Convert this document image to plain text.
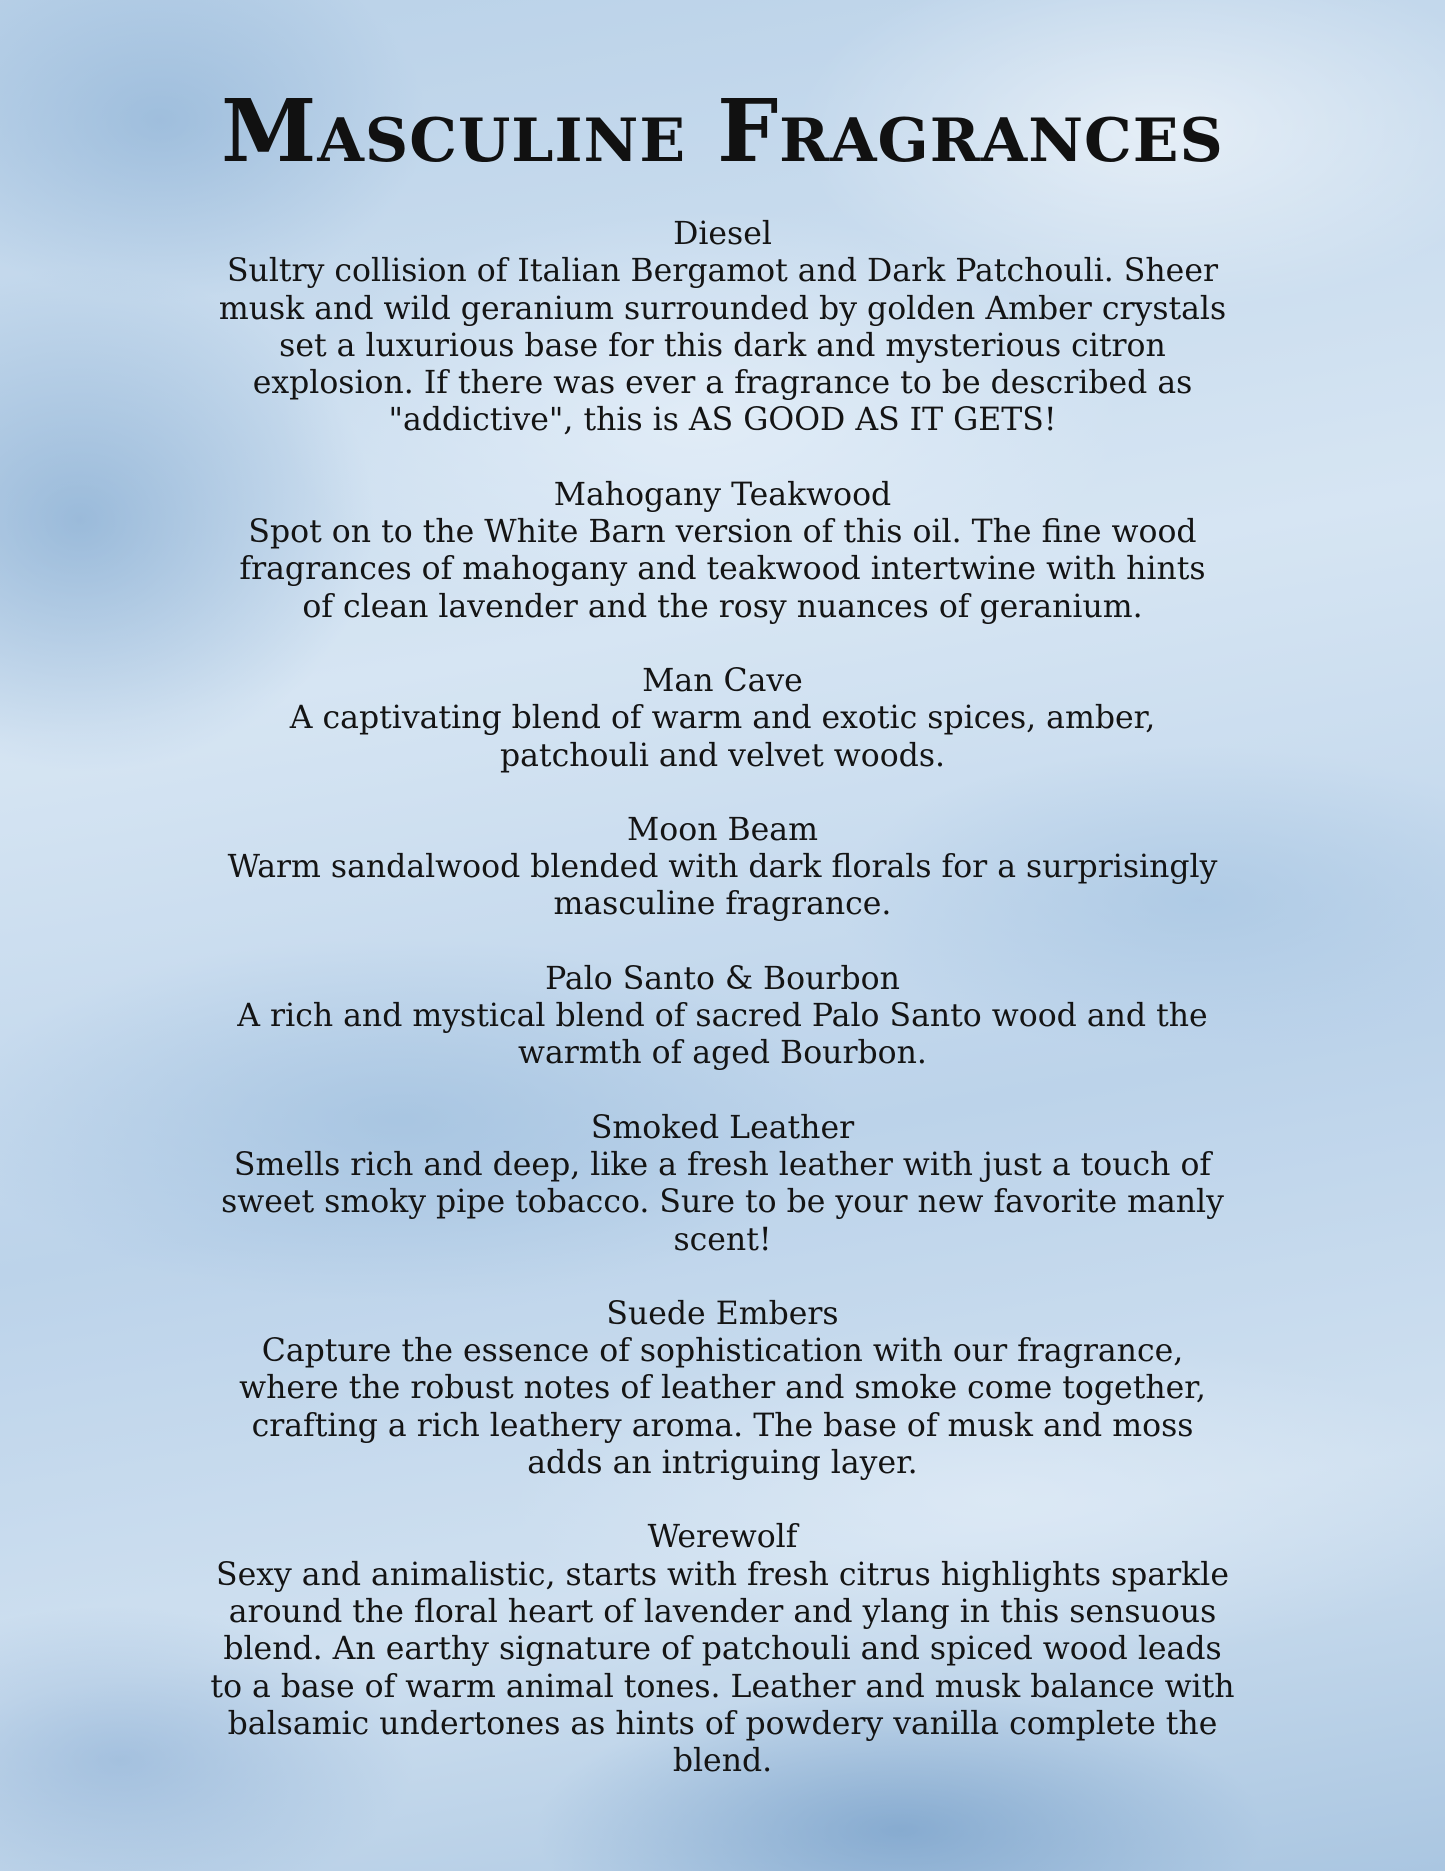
Masculine Fragrances
Diesel
Sultry collision of Italian Bergamot and Dark Patchouli. Sheer
musk and wild geranium surrounded by golden Amber crystals
set a luxurious base for this dark and mysterious citron
explosion. If there was ever a fragrance to be described as
"addictive", this is AS GOOD AS IT GETS!
Mahogany Teakwood
Spot on to the White Barn version of this oil. The fine wood
fragrances of mahogany and teakwood intertwine with hints
of clean lavender and the rosy nuances of geranium.
Man Cave
A captivating blend of warm and exotic spices, amber,
patchouli and velvet woods.
Moon Beam
Warm sandalwood blended with dark florals for a surprisingly
masculine fragrance.
Palo Santo & Bourbon
A rich and mystical blend of sacred Palo Santo wood and the
warmth of aged Bourbon.
Smoked Leather
Smells rich and deep, like a fresh leather with just a touch of
sweet smoky pipe tobacco. Sure to be your new favorite manly
scent!
Suede Embers
Capture the essence of sophistication with our fragrance,
where the robust notes of leather and smoke come together,
crafting a rich leathery aroma. The base of musk and moss
adds an intriguing layer.
Werewolf
Sexy and animalistic, starts with fresh citrus highlights sparkle
around the floral heart of lavender and ylang in this sensuous
blend. An earthy signature of patchouli and spiced wood leads
to a base of warm animal tones. Leather and musk balance with
balsamic undertones as hints of powdery vanilla complete the
blend.
